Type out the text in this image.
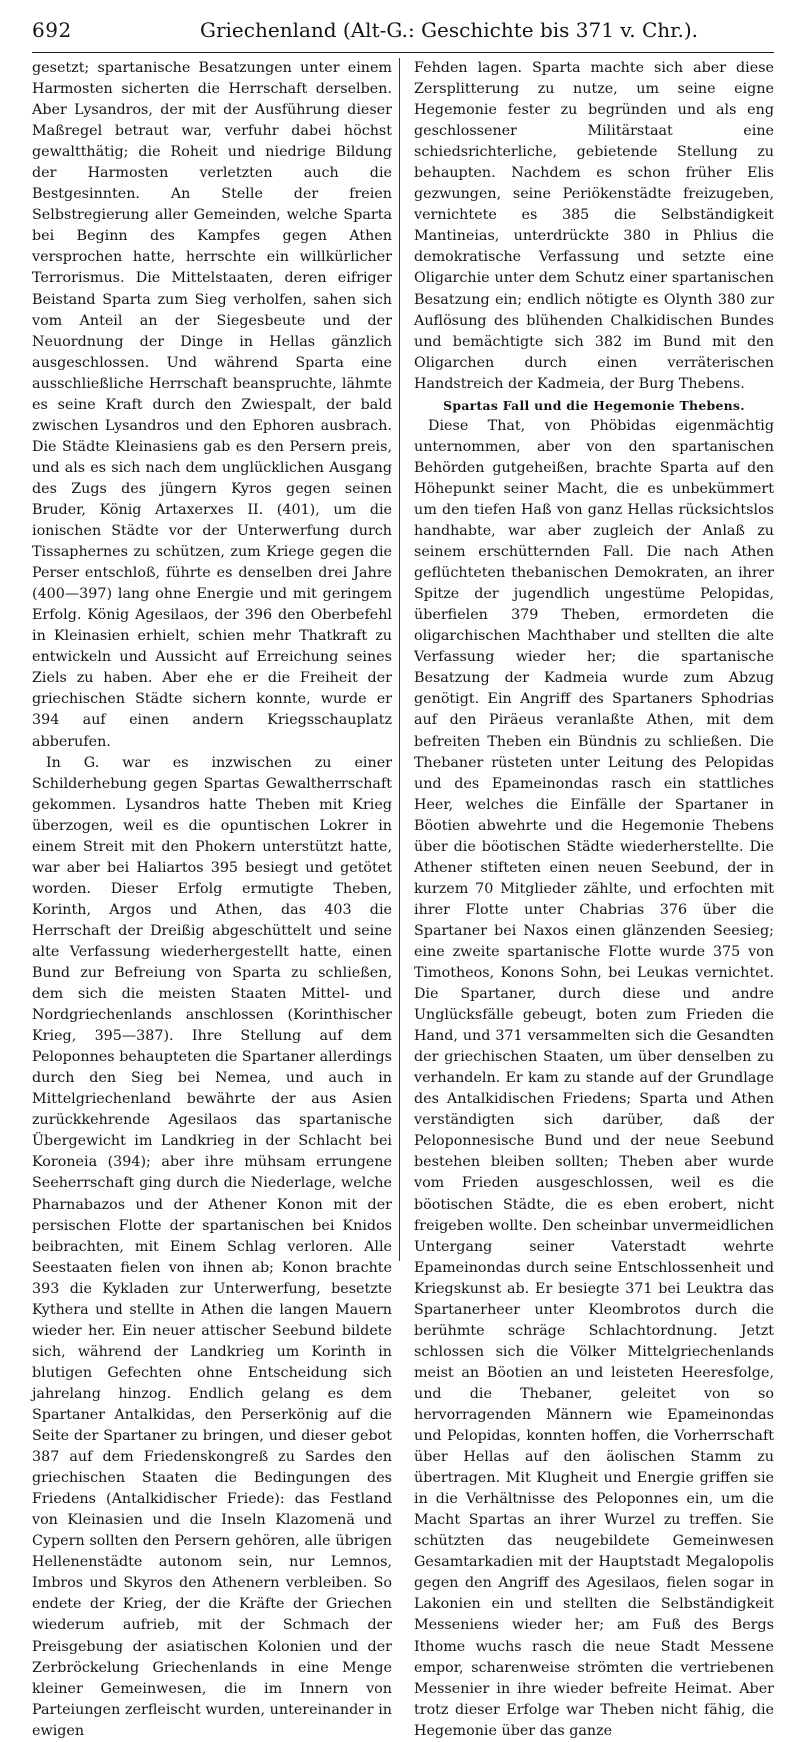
692	Griechenland (Alt-G.: Geschichte bis 371 v. Chr.).

gesetzt; spartanische Besatzungen unter einem Harmosten sicherten die Herrschaft derselben. Aber Lysandros, der mit der Ausführung dieser Maßregel betraut war, verfuhr dabei höchst gewaltthätig; die Roheit und niedrige Bildung der Harmosten verletzten auch die Bestgesinnten. An Stelle der freien Selbstregierung aller Gemeinden, welche Sparta bei Beginn des Kampfes gegen Athen versprochen hatte, herrschte ein willkürlicher Terrorismus. Die Mittelstaaten, deren eifriger Beistand Sparta zum Sieg verholfen, sahen sich vom Anteil an der Siegesbeute und der Neuordnung der Dinge in Hellas gänzlich ausgeschlossen. Und während Sparta eine ausschließliche Herrschaft beanspruchte, lähmte es seine Kraft durch den Zwiespalt, der bald zwischen Lysandros und den Ephoren ausbrach. Die Städte Kleinasiens gab es den Persern preis, und als es sich nach dem unglücklichen Ausgang des Zugs des jüngern Kyros gegen seinen Bruder, König Artaxerxes II. (401), um die ionischen Städte vor der Unterwerfung durch Tissaphernes zu schützen, zum Kriege gegen die Perser entschloß, führte es denselben drei Jahre (400—397) lang ohne Energie und mit geringem Erfolg. König Agesilaos, der 396 den Oberbefehl in Kleinasien erhielt, schien mehr Thatkraft zu entwickeln und Aussicht auf Erreichung seines Ziels zu haben. Aber ehe er die Freiheit der griechischen Städte sichern konnte, wurde er 394 auf einen andern Kriegsschauplatz abberufen.

In G. war es inzwischen zu einer Schilderhebung gegen Spartas Gewaltherrschaft gekommen. Lysandros hatte Theben mit Krieg überzogen, weil es die opuntischen Lokrer in einem Streit mit den Phokern unterstützt hatte, war aber bei Haliartos 395 besiegt und getötet worden. Dieser Erfolg ermutigte Theben, Korinth, Argos und Athen, das 403 die Herrschaft der Dreißig abgeschüttelt und seine alte Verfassung wiederhergestellt hatte, einen Bund zur Befreiung von Sparta zu schließen, dem sich die meisten Staaten Mittel- und Nordgriechenlands anschlossen (Korinthischer Krieg, 395—387). Ihre Stellung auf dem Peloponnes behaupteten die Spartaner allerdings durch den Sieg bei Nemea, und auch in Mittelgriechenland bewährte der aus Asien zurückkehrende Agesilaos das spartanische Übergewicht im Landkrieg in der Schlacht bei Koroneia (394); aber ihre mühsam errungene Seeherrschaft ging durch die Niederlage, welche Pharnabazos und der Athener Konon mit der persischen Flotte der spartanischen bei Knidos beibrachten, mit Einem Schlag verloren. Alle Seestaaten fielen von ihnen ab; Konon brachte 393 die Kykladen zur Unterwerfung, besetzte Kythera und stellte in Athen die langen Mauern wieder her. Ein neuer attischer Seebund bildete sich, während der Landkrieg um Korinth in blutigen Gefechten ohne Entscheidung sich jahrelang hinzog. Endlich gelang es dem Spartaner Antalkidas, den Perserkönig auf die Seite der Spartaner zu bringen, und dieser gebot 387 auf dem Friedenskongreß zu Sardes den griechischen Staaten die Bedingungen des Friedens (Antalkidischer Friede): das Festland von Kleinasien und die Inseln Klazomenä und Cypern sollten den Persern gehören, alle übrigen Hellenenstädte autonom sein, nur Lemnos, Imbros und Skyros den Athenern verbleiben. So endete der Krieg, der die Kräfte der Griechen wiederum aufrieb, mit der Schmach der Preisgebung der asiatischen Kolonien und der Zerbröckelung Griechenlands in eine Menge kleiner Gemeinwesen, die im Innern von Parteiungen zerfleischt wurden, untereinander in ewigen

Fehden lagen. Sparta machte sich aber diese Zersplitterung zu nutze, um seine eigne Hegemonie fester zu begründen und als eng geschlossener Militärstaat eine schiedsrichterliche, gebietende Stellung zu behaupten. Nachdem es schon früher Elis gezwungen, seine Periökenstädte freizugeben, vernichtete es 385 die Selbständigkeit Mantineias, unterdrückte 380 in Phlius die demokratische Verfassung und setzte eine Oligarchie unter dem Schutz einer spartanischen Besatzung ein; endlich nötigte es Olynth 380 zur Auflösung des blühenden Chalkidischen Bundes und bemächtigte sich 382 im Bund mit den Oligarchen durch einen verräterischen Handstreich der Kadmeia, der Burg Thebens.

Spartas Fall und die Hegemonie Thebens.

Diese That, von Phöbidas eigenmächtig unternommen, aber von den spartanischen Behörden gutgeheißen, brachte Sparta auf den Höhepunkt seiner Macht, die es unbekümmert um den tiefen Haß von ganz Hellas rücksichtslos handhabte, war aber zugleich der Anlaß zu seinem erschütternden Fall. Die nach Athen geflüchteten thebanischen Demokraten, an ihrer Spitze der jugendlich ungestüme Pelopidas, überfielen 379 Theben, ermordeten die oligarchischen Machthaber und stellten die alte Verfassung wieder her; die spartanische Besatzung der Kadmeia wurde zum Abzug genötigt. Ein Angriff des Spartaners Sphodrias auf den Piräeus veranlaßte Athen, mit dem befreiten Theben ein Bündnis zu schließen. Die Thebaner rüsteten unter Leitung des Pelopidas und des Epameinondas rasch ein stattliches Heer, welches die Einfälle der Spartaner in Böotien abwehrte und die Hegemonie Thebens über die böotischen Städte wiederherstellte. Die Athener stifteten einen neuen Seebund, der in kurzem 70 Mitglieder zählte, und erfochten mit ihrer Flotte unter Chabrias 376 über die Spartaner bei Naxos einen glänzenden Seesieg; eine zweite spartanische Flotte wurde 375 von Timotheos, Konons Sohn, bei Leukas vernichtet. Die Spartaner, durch diese und andre Unglücksfälle gebeugt, boten zum Frieden die Hand, und 371 versammelten sich die Gesandten der griechischen Staaten, um über denselben zu verhandeln. Er kam zu stande auf der Grundlage des Antalkidischen Friedens; Sparta und Athen verständigten sich darüber, daß der Peloponnesische Bund und der neue Seebund bestehen bleiben sollten; Theben aber wurde vom Frieden ausgeschlossen, weil es die böotischen Städte, die es eben erobert, nicht freigeben wollte. Den scheinbar unvermeidlichen Untergang seiner Vaterstadt wehrte Epameinondas durch seine Entschlossenheit und Kriegskunst ab. Er besiegte 371 bei Leuktra das Spartanerheer unter Kleombrotos durch die berühmte schräge Schlachtordnung. Jetzt schlossen sich die Völker Mittelgriechenlands meist an Böotien an und leisteten Heeresfolge, und die Thebaner, geleitet von so hervorragenden Männern wie Epameinondas und Pelopidas, konnten hoffen, die Vorherrschaft über Hellas auf den äolischen Stamm zu übertragen. Mit Klugheit und Energie griffen sie in die Verhältnisse des Peloponnes ein, um die Macht Spartas an ihrer Wurzel zu treffen. Sie schützten das neugebildete Gemeinwesen Gesamtarkadien mit der Hauptstadt Megalopolis gegen den Angriff des Agesilaos, fielen sogar in Lakonien ein und stellten die Selbständigkeit Messeniens wieder her; am Fuß des Bergs Ithome wuchs rasch die neue Stadt Messene empor, scharenweise strömten die vertriebenen Messenier in ihre wieder befreite Heimat. Aber trotz dieser Erfolge war Theben nicht fähig, die Hegemonie über das ganze
